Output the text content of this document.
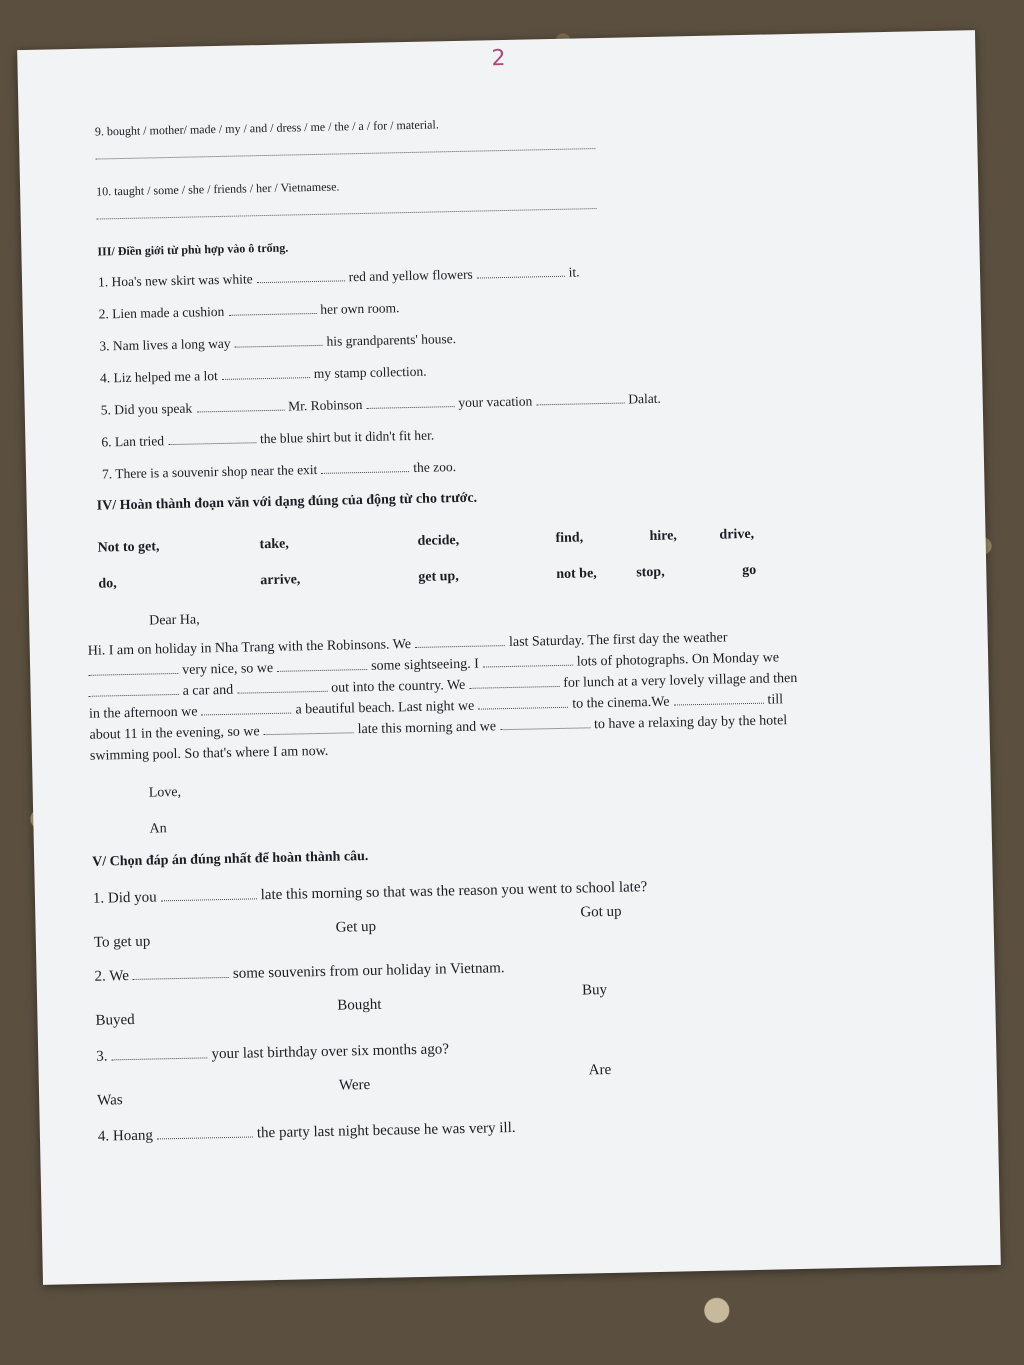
2
9. bought / mother/ made / my / and / dress / me / the / a / for / material.
10. taught / some / she / friends / her / Vietnamese.
III/ Điền giới từ phù hợp vào ô trống.
1. Hoa's new skirt was white	red and yellow flowers	it.
2. Lien made a cushion	her own room.
3. Nam lives a long way	his grandparents' house.
4. Liz helped me a lot	my stamp collection.
5. Did you speak	Mr. Robinson	your vacation	Dalat.
6. Lan tried	the blue shirt but it didn't fit her.
7. There is a souvenir shop near the exit	the zoo.
IV/ Hoàn thành đoạn văn với dạng đúng của động từ cho trước.
Not to get,	take,	decide,	find,	hire,	drive,
do,	arrive,	get up,	not be,	stop,	go
Dear Ha,
Hi. I am on holiday in Nha Trang with the Robinsons. We	last Saturday. The first day the weather
very nice, so we	some sightseeing. I	lots of photographs. On Monday we
a car and	out into the country. We	for lunch at a very lovely village and then
in the afternoon we	a beautiful beach. Last night we	to the cinema.We	till
about 11 in the evening, so we	late this morning and we	to have a relaxing day by the hotel
swimming pool. So that's where I am now.
Love,
An
V/ Chọn đáp án đúng nhất để hoàn thành câu.
1. Did you	late this morning so that was the reason you went to school late?
To get up
Get up
Got up
2. We	some souvenirs from our holiday in Vietnam.
Buyed
Bought
Buy
3.	your last birthday over six months ago?
Was
Were
Are
4. Hoang	the party last night because he was very ill.
